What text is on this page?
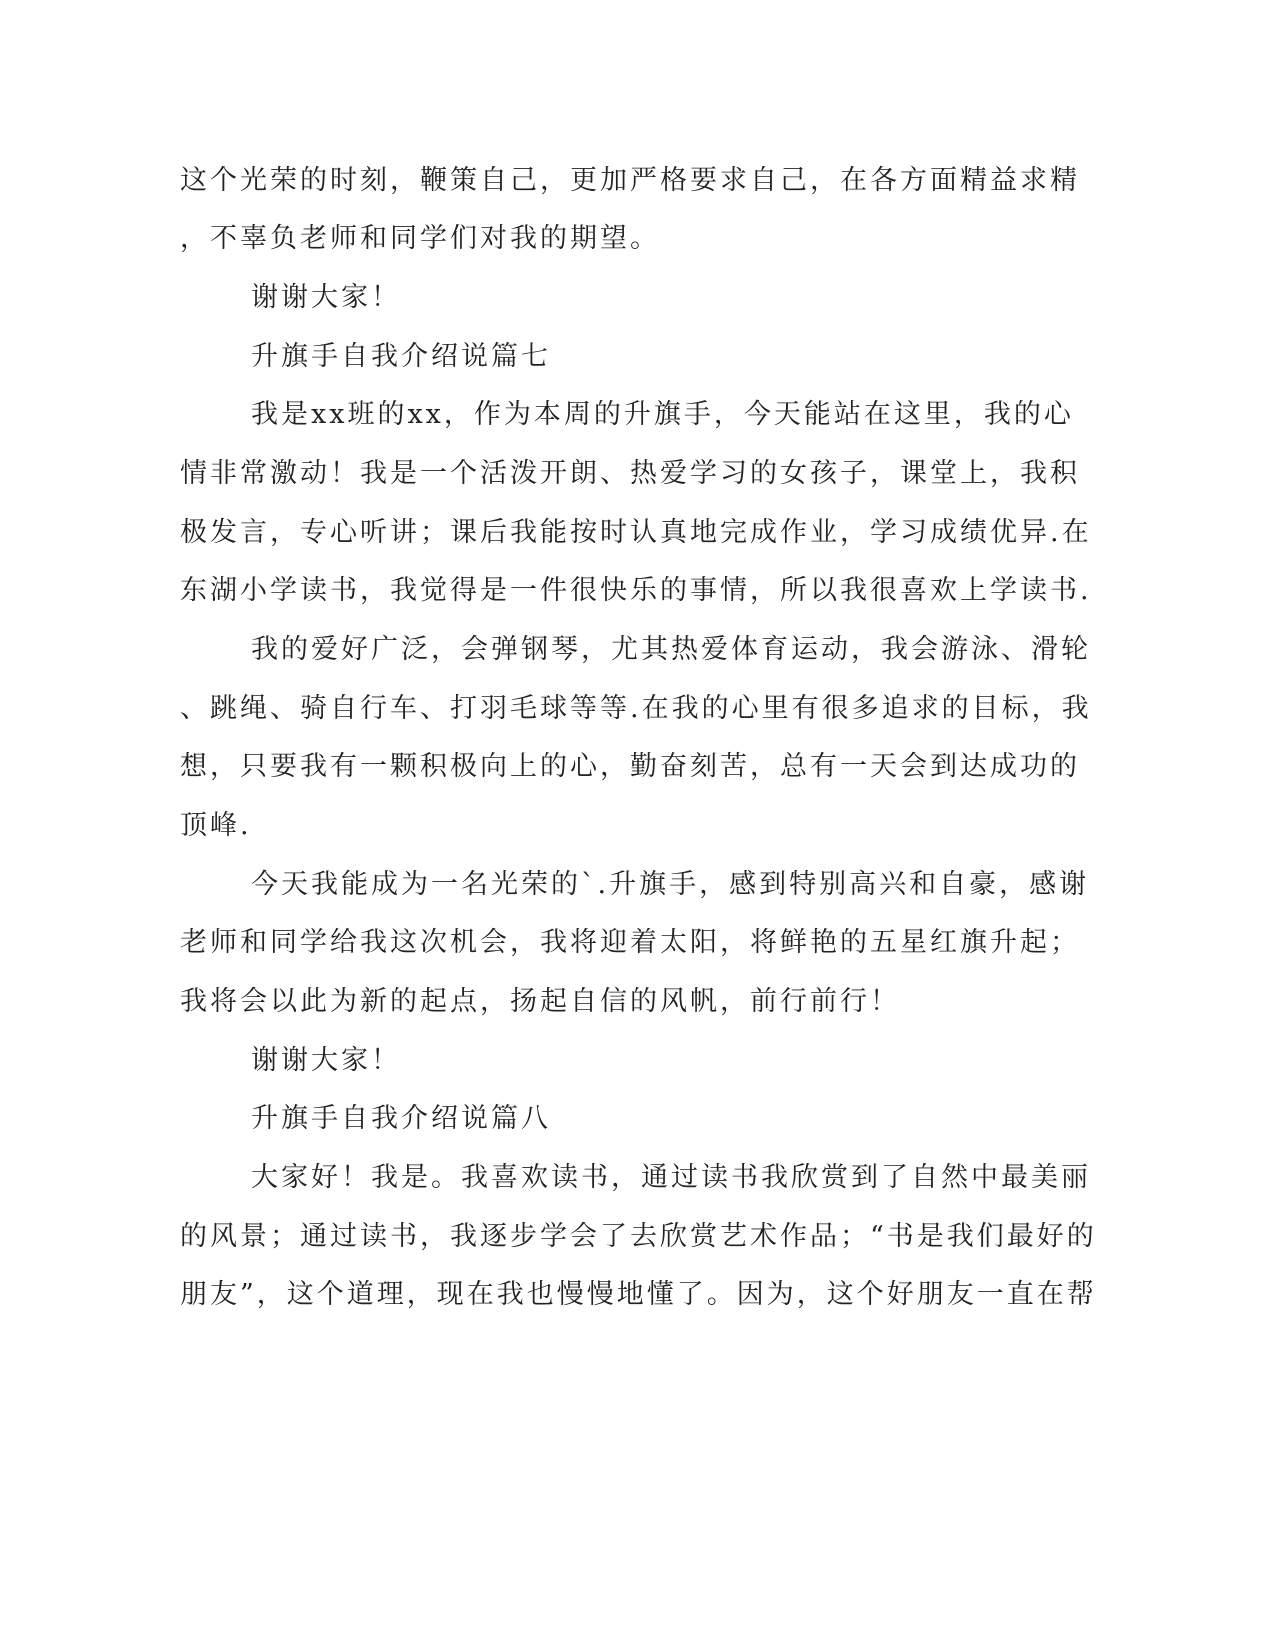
这个光荣的时刻，鞭策自己，更加严格要求自己，在各方面精益求精
，不辜负老师和同学们对我的期望。
谢谢大家！
升旗手自我介绍说篇七
我是xx班的xx，作为本周的升旗手，今天能站在这里，我的心
情非常激动！我是一个活泼开朗、热爱学习的女孩子，课堂上，我积
极发言，专心听讲；课后我能按时认真地完成作业，学习成绩优异.在
东湖小学读书，我觉得是一件很快乐的事情，所以我很喜欢上学读书.
我的爱好广泛，会弹钢琴，尤其热爱体育运动，我会游泳、滑轮
、跳绳、骑自行车、打羽毛球等等.在我的心里有很多追求的目标，我
想，只要我有一颗积极向上的心，勤奋刻苦，总有一天会到达成功的
顶峰.
今天我能成为一名光荣的`.升旗手，感到特别高兴和自豪，感谢
老师和同学给我这次机会，我将迎着太阳，将鲜艳的五星红旗升起；
我将会以此为新的起点，扬起自信的风帆，前行前行！
谢谢大家！
升旗手自我介绍说篇八
大家好！我是。我喜欢读书，通过读书我欣赏到了自然中最美丽
的风景；通过读书，我逐步学会了去欣赏艺术作品；“书是我们最好的
朋友”，这个道理，现在我也慢慢地懂了。因为，这个好朋友一直在帮
